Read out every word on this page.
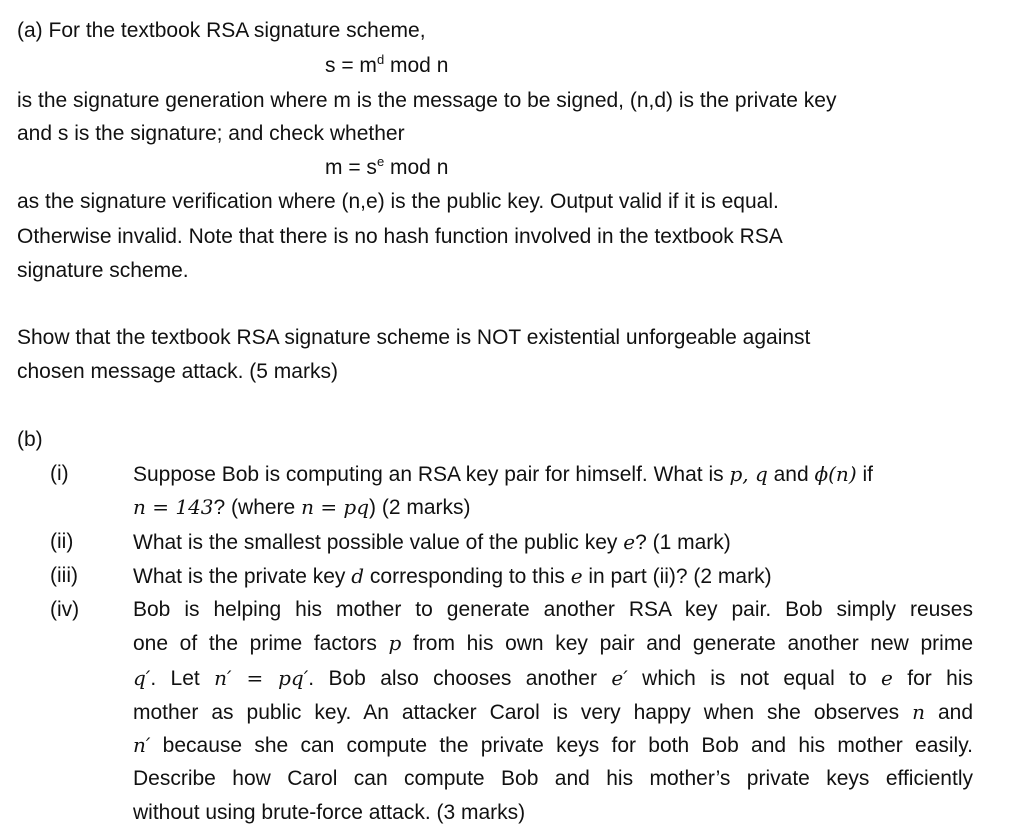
(a) For the textbook RSA signature scheme,
$s = m^d$ mod n
is the signature generation where m is the message to be signed, (n,d) is the private key
and s is the signature; and check whether
$m = s^e$ mod n
as the signature verification where (n,e) is the public key. Output valid if it is equal.
Otherwise invalid. Note that there is no hash function involved in the textbook RSA
signature scheme.
Show that the textbook RSA signature scheme is NOT existential unforgeable against
chosen message attack. (5 marks)
(b)
(i)	Suppose Bob is computing an RSA key pair for himself. What is p, q and ϕ(n) if
n = 143? (where n = pq) (2 marks)
(ii)	What is the smallest possible value of the public key e? (1 mark)
(iii)	What is the private key d corresponding to this e in part (ii)? (2 mark)
(iv)	Bob is helping his mother to generate another RSA key pair. Bob simply reuses
one of the prime factors p from his own key pair and generate another new prime
q′. Let n′ = pq′. Bob also chooses another e′ which is not equal to e for his
mother as public key. An attacker Carol is very happy when she observes n and
n′ because she can compute the private keys for both Bob and his mother easily.
Describe how Carol can compute Bob and his mother’s private keys efficiently
without using brute-force attack. (3 marks)
